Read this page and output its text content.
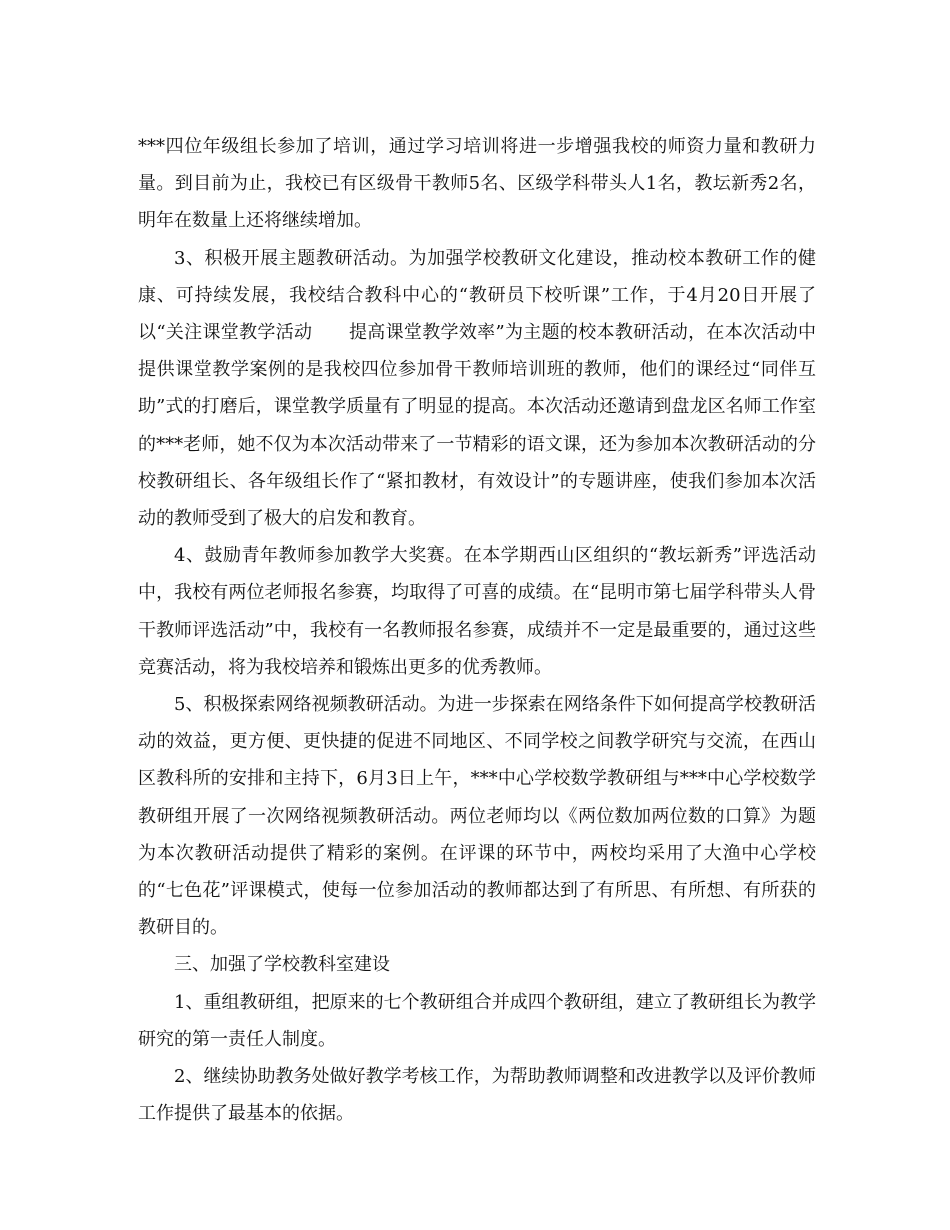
***四位年级组长参加了培训，通过学习培训将进一步增强我校的师资力量和教研力量。到目前为止，我校已有区级骨干教师5名、区级学科带头人1名，教坛新秀2名，明年在数量上还将继续增加。

3、积极开展主题教研活动。为加强学校教研文化建设，推动校本教研工作的健康、可持续发展，我校结合教科中心的“教研员下校听课”工作，于4月20日开展了以“关注课堂教学活动　　提高课堂教学效率”为主题的校本教研活动，在本次活动中提供课堂教学案例的是我校四位参加骨干教师培训班的教师，他们的课经过“同伴互助”式的打磨后，课堂教学质量有了明显的提高。本次活动还邀请到盘龙区名师工作室的***老师，她不仅为本次活动带来了一节精彩的语文课，还为参加本次教研活动的分校教研组长、各年级组长作了“紧扣教材，有效设计”的专题讲座，使我们参加本次活动的教师受到了极大的启发和教育。

4、鼓励青年教师参加教学大奖赛。在本学期西山区组织的“教坛新秀”评选活动中，我校有两位老师报名参赛，均取得了可喜的成绩。在“昆明市第七届学科带头人骨干教师评选活动”中，我校有一名教师报名参赛，成绩并不一定是最重要的，通过这些竞赛活动，将为我校培养和锻炼出更多的优秀教师。

5、积极探索网络视频教研活动。为进一步探索在网络条件下如何提高学校教研活动的效益，更方便、更快捷的促进不同地区、不同学校之间教学研究与交流，在西山区教科所的安排和主持下，6月3日上午，***中心学校数学教研组与***中心学校数学教研组开展了一次网络视频教研活动。两位老师均以《两位数加两位数的口算》为题为本次教研活动提供了精彩的案例。在评课的环节中，两校均采用了大渔中心学校的“七色花”评课模式，使每一位参加活动的教师都达到了有所思、有所想、有所获的教研目的。

三、加强了学校教科室建设

1、重组教研组，把原来的七个教研组合并成四个教研组，建立了教研组长为教学研究的第一责任人制度。

2、继续协助教务处做好教学考核工作，为帮助教师调整和改进教学以及评价教师工作提供了最基本的依据。
